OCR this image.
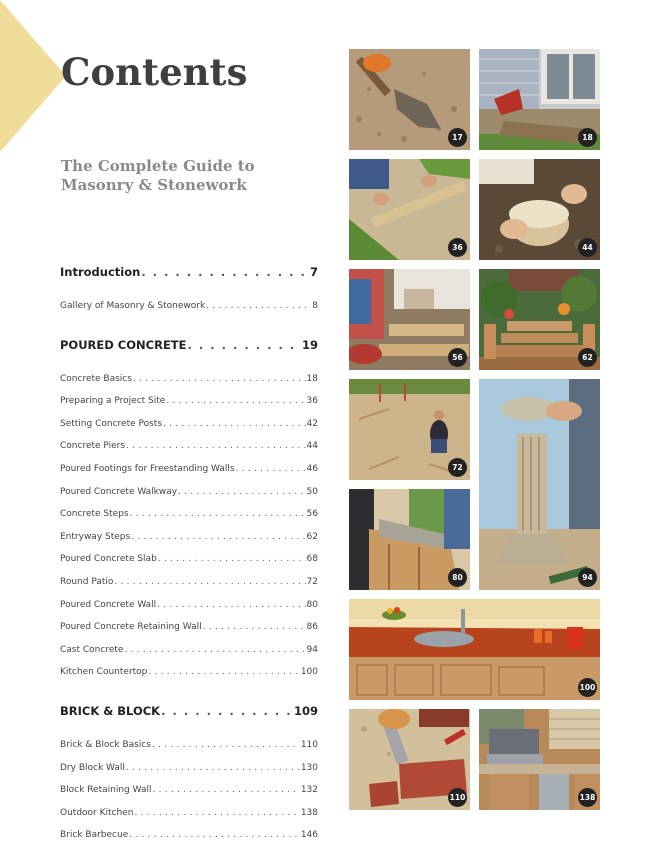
Contents
The Complete Guide to
Masonry & Stonework
Introduction . . .	7
Gallery of Masonry & Stonework . . .	8
POURED CONCRETE . . .	19
Concrete Basics . . .	18
Preparing a Project Site . . .	36
Setting Concrete Posts . . .	42
Concrete Piers . . .	44
Poured Footings for Freestanding Walls . . .	46
Poured Concrete Walkway . . .	50
Concrete Steps . . .	56
Entryway Steps . . .	62
Poured Concrete Slab . . .	68
Round Patio . . .	72
Poured Concrete Wall . . .	80
Poured Concrete Retaining Wall . . .	86
Cast Concrete . . .	94
Kitchen Countertop . . .	100
BRICK & BLOCK . . .	109
Brick & Block Basics . . .	110
Dry Block Wall . . .	130
Block Retaining Wall . . .	132
Outdoor Kitchen . . .	138
Brick Barbecue . . .	146
17	18
36	44
56	62
72
94
80
100
110	138
